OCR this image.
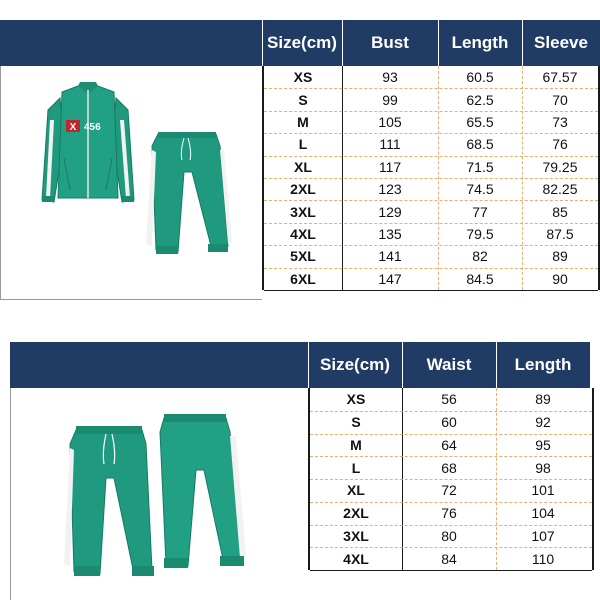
Size(cm)	Bust	Length	Sleeve
X 456
XS	93	60.5	67.57
S	99	62.5	70
M	105	65.5	73
L	111	68.5	76
XL	117	71.5	79.25
2XL	123	74.5	82.25
3XL	129	77	85
4XL	135	79.5	87.5
5XL	141	82	89
6XL	147	84.5	90
Size(cm)	Waist	Length
XS	56	89
S	60	92
M	64	95
L	68	98
XL	72	101
2XL	76	104
3XL	80	107
4XL	84	110
